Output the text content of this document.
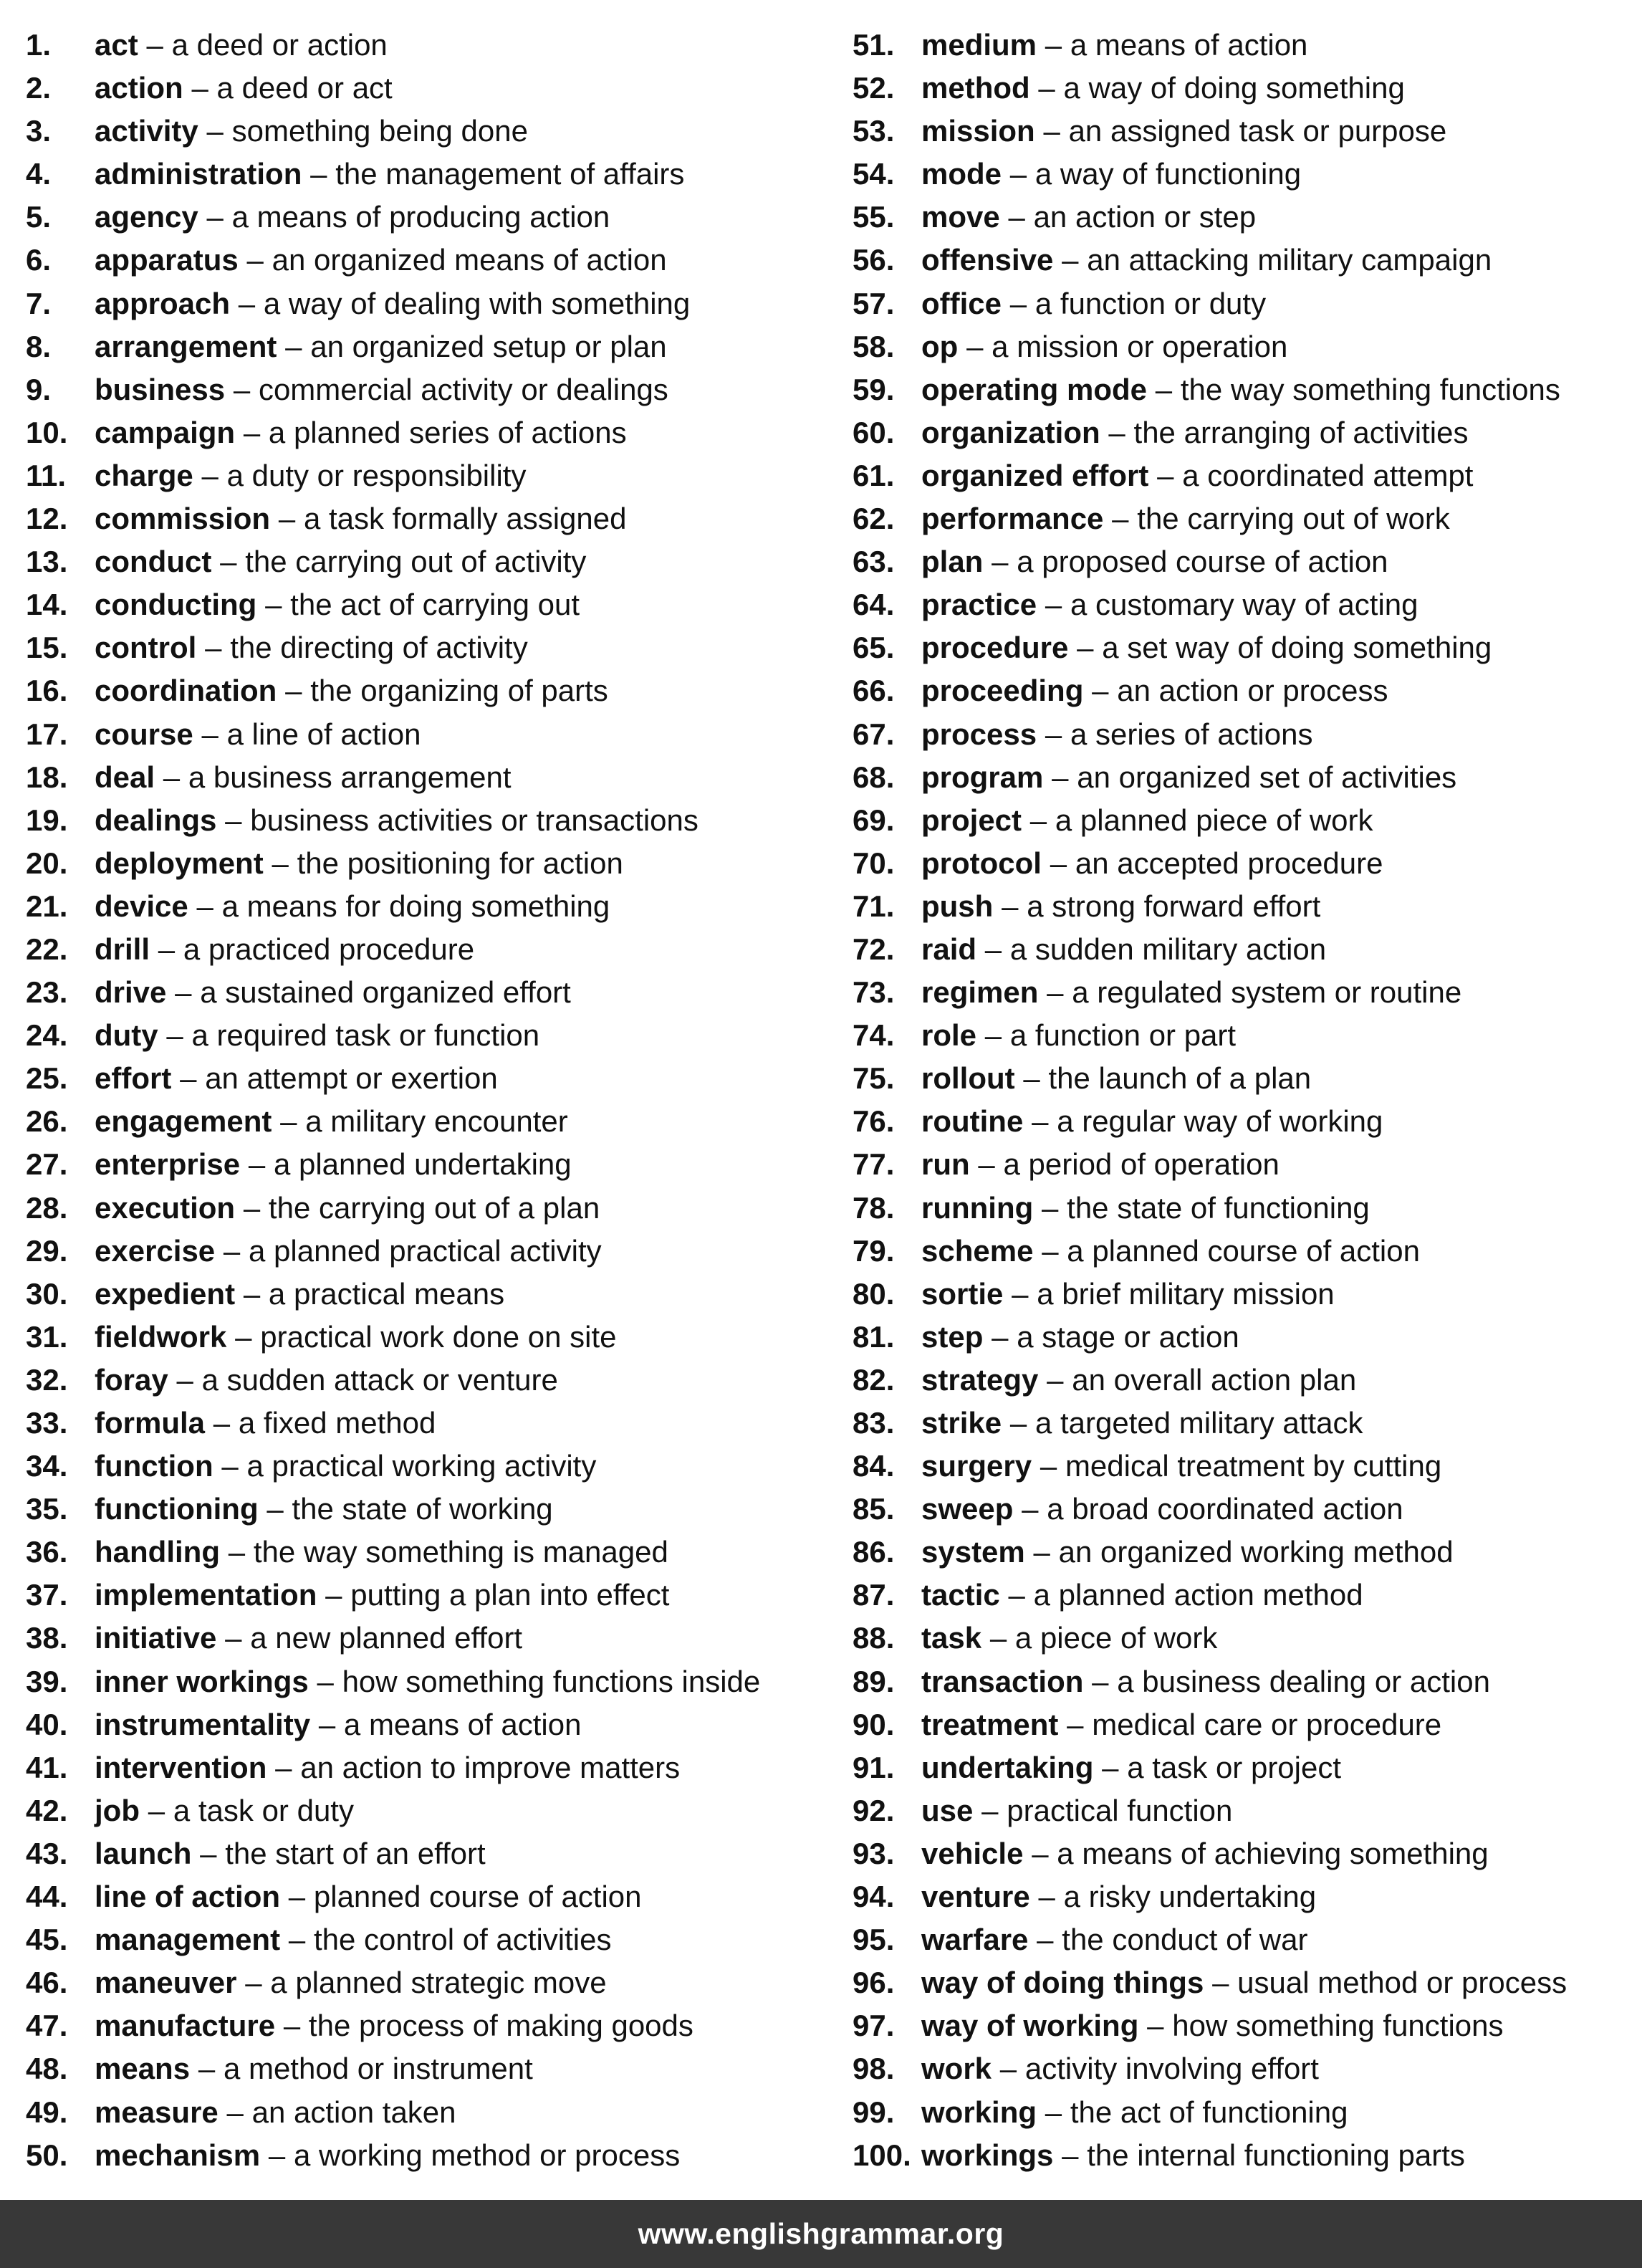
1.	act – a deed or action
2.	action – a deed or act
3.	activity – something being done
4.	administration – the management of affairs
5.	agency – a means of producing action
6.	apparatus – an organized means of action
7.	approach – a way of dealing with something
8.	arrangement – an organized setup or plan
9.	business – commercial activity or dealings
10. campaign – a planned series of actions
11. charge – a duty or responsibility
12. commission – a task formally assigned
13. conduct – the carrying out of activity
14. conducting – the act of carrying out
15. control – the directing of activity
16. coordination – the organizing of parts
17. course – a line of action
18. deal – a business arrangement
19. dealings – business activities or transactions
20. deployment – the positioning for action
21. device – a means for doing something
22. drill – a practiced procedure
23. drive – a sustained organized effort
24. duty – a required task or function
25. effort – an attempt or exertion
26. engagement – a military encounter
27. enterprise – a planned undertaking
28. execution – the carrying out of a plan
29. exercise – a planned practical activity
30. expedient – a practical means
31. fieldwork – practical work done on site
32. foray – a sudden attack or venture
33. formula – a fixed method
34. function – a practical working activity
35. functioning – the state of working
36. handling – the way something is managed
37. implementation – putting a plan into effect
38. initiative – a new planned effort
39. inner workings – how something functions inside
40. instrumentality – a means of action
41. intervention – an action to improve matters
42. job – a task or duty
43. launch – the start of an effort
44. line of action – planned course of action
45. management – the control of activities
46. maneuver – a planned strategic move
47. manufacture – the process of making goods
48. means – a method or instrument
49. measure – an action taken
50. mechanism – a working method or process
51. medium – a means of action
52. method – a way of doing something
53. mission – an assigned task or purpose
54. mode – a way of functioning
55. move – an action or step
56. offensive – an attacking military campaign
57. office – a function or duty
58. op – a mission or operation
59. operating mode – the way something functions
60. organization – the arranging of activities
61. organized effort – a coordinated attempt
62. performance – the carrying out of work
63. plan – a proposed course of action
64. practice – a customary way of acting
65. procedure – a set way of doing something
66. proceeding – an action or process
67. process – a series of actions
68. program – an organized set of activities
69. project – a planned piece of work
70. protocol – an accepted procedure
71. push – a strong forward effort
72. raid – a sudden military action
73. regimen – a regulated system or routine
74. role – a function or part
75. rollout – the launch of a plan
76. routine – a regular way of working
77. run – a period of operation
78. running – the state of functioning
79. scheme – a planned course of action
80. sortie – a brief military mission
81. step – a stage or action
82. strategy – an overall action plan
83. strike – a targeted military attack
84. surgery – medical treatment by cutting
85. sweep – a broad coordinated action
86. system – an organized working method
87. tactic – a planned action method
88. task – a piece of work
89. transaction – a business dealing or action
90. treatment – medical care or procedure
91. undertaking – a task or project
92. use – practical function
93. vehicle – a means of achieving something
94. venture – a risky undertaking
95. warfare – the conduct of war
96. way of doing things – usual method or process
97. way of working – how something functions
98. work – activity involving effort
99. working – the act of functioning
100. workings – the internal functioning parts
www.englishgrammar.org
